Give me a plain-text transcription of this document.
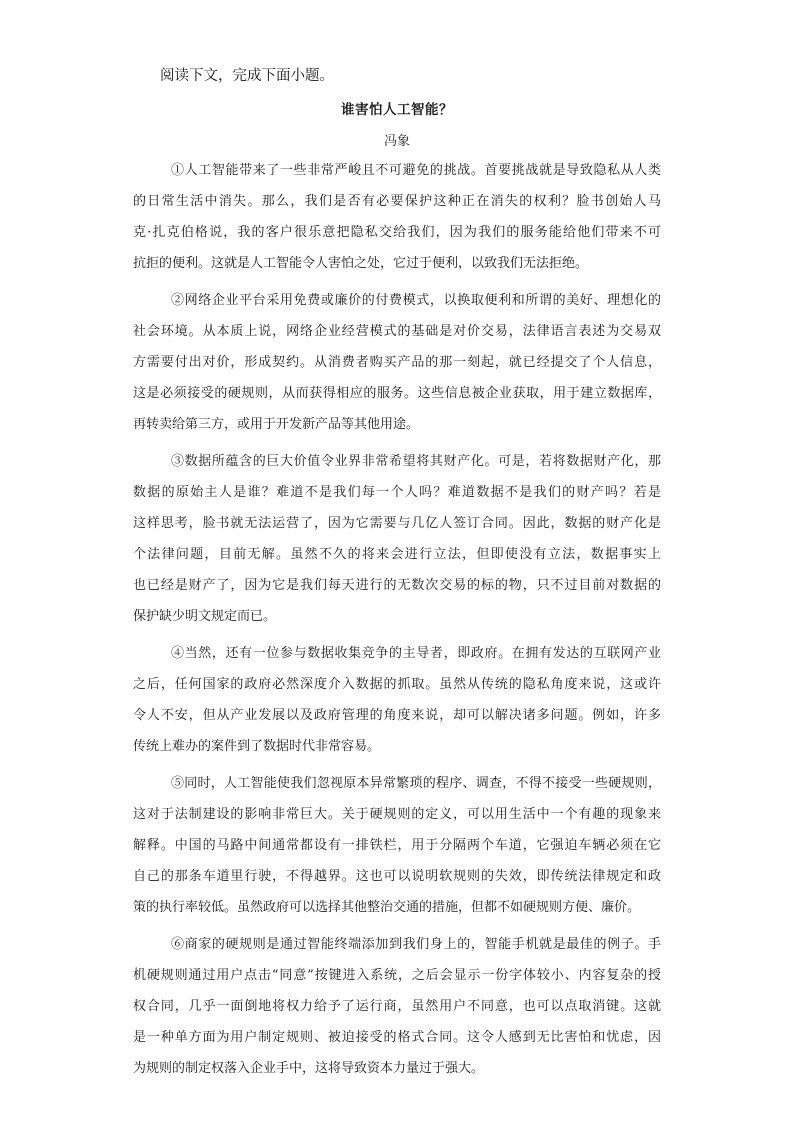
阅读下文，完成下面小题。
谁害怕人工智能？
冯象
①人工智能带来了一些非常严峻且不可避免的挑战。首要挑战就是导致隐私从人类
的日常生活中消失。那么，我们是否有必要保护这种正在消失的权利？脸书创始人马
克·扎克伯格说，我的客户很乐意把隐私交给我们，因为我们的服务能给他们带来不可
抗拒的便利。这就是人工智能令人害怕之处，它过于便利，以致我们无法拒绝。
②网络企业平台采用免费或廉价的付费模式，以换取便利和所谓的美好、理想化的
社会环境。从本质上说，网络企业经营模式的基础是对价交易，法律语言表述为交易双
方需要付出对价，形成契约。从消费者购买产品的那一刻起，就已经提交了个人信息，
这是必须接受的硬规则，从而获得相应的服务。这些信息被企业获取，用于建立数据库，
再转卖给第三方，或用于开发新产品等其他用途。
③数据所蕴含的巨大价值令业界非常希望将其财产化。可是，若将数据财产化，那
数据的原始主人是谁？难道不是我们每一个人吗？难道数据不是我们的财产吗？若是
这样思考，脸书就无法运营了，因为它需要与几亿人签订合同。因此，数据的财产化是
个法律问题，目前无解。虽然不久的将来会进行立法，但即使没有立法，数据事实上
也已经是财产了，因为它是我们每天进行的无数次交易的标的物，只不过目前对数据的
保护缺少明文规定而已。
④当然，还有一位参与数据收集竞争的主导者，即政府。在拥有发达的互联网产业
之后，任何国家的政府必然深度介入数据的抓取。虽然从传统的隐私角度来说，这或许
令人不安，但从产业发展以及政府管理的角度来说，却可以解决诸多问题。例如，许多
传统上难办的案件到了数据时代非常容易。
⑤同时，人工智能使我们忽视原本异常繁琐的程序、调查，不得不接受一些硬规则，
这对于法制建设的影响非常巨大。关于硬规则的定义，可以用生活中一个有趣的现象来
解释。中国的马路中间通常都设有一排铁栏，用于分隔两个车道，它强迫车辆必须在它
自己的那条车道里行驶，不得越界。这也可以说明软规则的失效，即传统法律规定和政
策的执行率较低。虽然政府可以选择其他整治交通的措施，但都不如硬规则方便、廉价。
⑥商家的硬规则是通过智能终端添加到我们身上的，智能手机就是最佳的例子。手
机硬规则通过用户点击“同意”按键进入系统，之后会显示一份字体较小、内容复杂的授
权合同，几乎一面倒地将权力给予了运行商，虽然用户不同意，也可以点取消键。这就
是一种单方面为用户制定规则、被迫接受的格式合同。这令人感到无比害怕和忧虑，因
为规则的制定权落入企业手中，这将导致资本力量过于强大。
